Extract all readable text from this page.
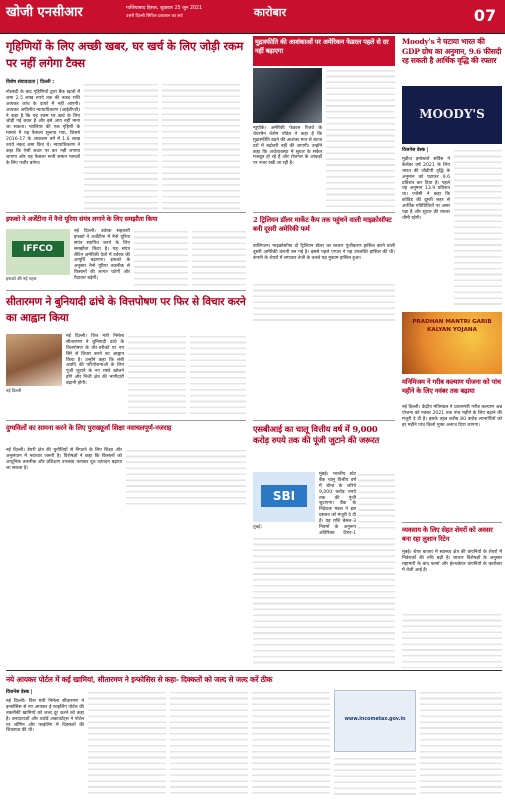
खोजी एनसीआर	गाजियाबाद हिसार, शुक्रवार 25 जून 2021
उत्तरी दिल्ली सिविल प्रकाशन का सर्व	कारोबार	07
गृहिणियों के लिए अच्छी खबर, घर खर्च के लिए जोड़ी रकम पर नहीं लगेगा टैक्स
विशेष संवाददाता | दिल्ली :
नोटबंदी के बाद गृहिणियों द्वारा बैंक खातों में जमा 2.5 लाख रुपये तक की नकद राशि आयकर जांच के दायरे में नहीं आएगी। आयकर अपीलीय न्यायाधिकरण (आईटीएटी) ने कहा है कि यह रकम घर खर्च के लिए जोड़ी गई बचत है और इसे आय नहीं माना जा सकता। ग्वालियर की एक गृहिणी के मामले में यह फैसला सुनाया गया, जिसने 2016-17 के आकलन वर्ष में 1.6 लाख रुपये नकद जमा किए थे। न्यायाधिकरण ने कहा कि ऐसी बचत पर कर नहीं लगाया जाएगा और यह फैसला सभी समान मामलों के लिए नजीर बनेगा।
मुद्रास्फीति की आशंकाओं पर अमेरिकन फेडरल पहले से दर नहीं बढ़ाएगा
न्यूयॉर्क। अमेरिकी फेडरल रिजर्व के चेयरमैन जेरोम पॉवेल ने कहा है कि मुद्रास्फीति बढ़ने की आशंका मात्र से ब्याज दरों में बढ़ोतरी नहीं की जाएगी। उन्होंने कहा कि अर्थव्यवस्था में सुधार के संकेत मजबूत हो रहे हैं और रोजगार के आंकड़ों पर नजर रखी जा रही है।
Moody's ने घटाया भारत की GDP ग्रोथ का अनुमान, 9.6 फीसदी रह सकती है आर्थिक वृद्धि की रफ्तार
MOODY'S
विजनेस डेस्क |
मूडीज इन्वेस्टर्स सर्विस ने कैलेंडर वर्ष 2021 के लिए भारत की जीडीपी वृद्धि के अनुमान को घटाकर 9.6 प्रतिशत कर दिया है। पहले यह अनुमान 13.9 प्रतिशत था। एजेंसी ने कहा कि कोविड की दूसरी लहर से आर्थिक गतिविधियों पर असर पड़ा है और सुधार की रफ्तार धीमी रहेगी।
इफको ने अर्जेंटीना में नैनो यूरिया संयंत्र लगाने के लिए समझौता किया
IFFCO
इफको की नई पहल
नई दिल्ली। उर्वरक सहकारी इफको ने अर्जेंटीना में नैनो यूरिया संयंत्र स्थापित करने के लिए समझौता किया है। यह संयंत्र लैटिन अमेरिकी देशों में उर्वरक की आपूर्ति बढ़ाएगा। इफको के अनुसार नैनो यूरिया तकनीक से किसानों की लागत घटेगी और पैदावार बढ़ेगी।
2 ट्रिलियन डॉलर मार्केट कैप तक पहुंचने वाली माइक्रोसॉफ्ट बनी दूसरी अमेरिकी फर्म
वाशिंगटन। माइक्रोसॉफ्ट दो ट्रिलियन डॉलर का बाजार पूंजीकरण हासिल करने वाली दूसरी अमेरिकी कंपनी बन गई है। इससे पहले एप्पल ने यह उपलब्धि हासिल की थी। कंपनी के शेयरों में लगातार तेजी के चलते यह मुकाम हासिल हुआ।
सीतारमण ने बुनियादी ढांचे के वित्तपोषण पर फिर से विचार करने का आह्वान किया
नई दिल्ली
नई दिल्ली। वित्त मंत्री निर्मला सीतारमण ने बुनियादी ढांचे के वित्तपोषण के तौर-तरीकों पर नए सिरे से विचार करने का आह्वान किया है। उन्होंने कहा कि लंबी अवधि की परियोजनाओं के लिए पूंजी जुटाने के नए रास्ते खोजने होंगे और निजी क्षेत्र की भागीदारी बढ़ानी होगी।
PRADHAN MANTRI GARIB KALYAN YOJANA
मनिमिजम ने गरीब कल्याण योजना को पांच महीने के लिए नवंबर तक बढ़ाया
नई दिल्ली। केंद्रीय मंत्रिमंडल ने प्रधानमंत्री गरीब कल्याण अन्न योजना को नवंबर 2021 तक पांच महीने के लिए बढ़ाने की मंजूरी दे दी है। इसके तहत करीब 80 करोड़ लाभार्थियों को हर महीने पांच किलो मुफ्त अनाज दिया जाएगा।
एसबीआई का चालू वित्तीय वर्ष में 9,000 करोड़ रुपये तक की पूंजी जुटाने की जरूरत
SBI
मुंबई।
मुंबई। भारतीय स्टेट बैंक चालू वित्तीय वर्ष में बॉन्ड के जरिये 9,000 करोड़ रुपये तक की पूंजी जुटाएगा। बैंक के निदेशक मंडल ने इस प्रस्ताव को मंजूरी दे दी है। यह राशि बेसल-3 नियमों के अनुरूप अतिरिक्त टियर-1
दुग्धविलों का सामना करने के लिए पुराख्यूर्जा शिक्षा नवाचलपूर्ण-नजराह
नई दिल्ली। डेयरी क्षेत्र की चुनौतियों से निपटने के लिए शिक्षा और अनुसंधान में नवाचार जरूरी है। विशेषज्ञों ने कहा कि किसानों को आधुनिक तकनीक और प्रशिक्षण उपलब्ध कराकर दूध उत्पादन बढ़ाया जा सकता है।
व्यवसाय के लिए सेहत शेयरों को अवसर बना रहा लुशान रिटेन
मुंबई। शेयर बाजार में स्वास्थ्य क्षेत्र की कंपनियों के शेयरों में निवेशकों की रुचि बढ़ी है। बाजार विशेषज्ञों के अनुसार महामारी के बाद फार्मा और हेल्थकेयर कंपनियों के कारोबार में तेजी आई है।
नये आयकर पोर्टल में कई खामियां, सीतारमण ने इन्फोसिस से कहा- दिक्कतों को जल्द से जल्द करें ठीक
विजनेस डेस्क |
नई दिल्ली। वित्त मंत्री निर्मला सीतारमण ने इन्फोसिस से नए आयकर ई-फाइलिंग पोर्टल की तकनीकी खामियों को जल्द दूर करने को कहा है। करदाताओं और चार्टर्ड अकाउंटेंट्स ने पोर्टल पर लॉगिन और फाइलिंग में दिक्कतों की शिकायत की थी।
www.incometax.gov.in
